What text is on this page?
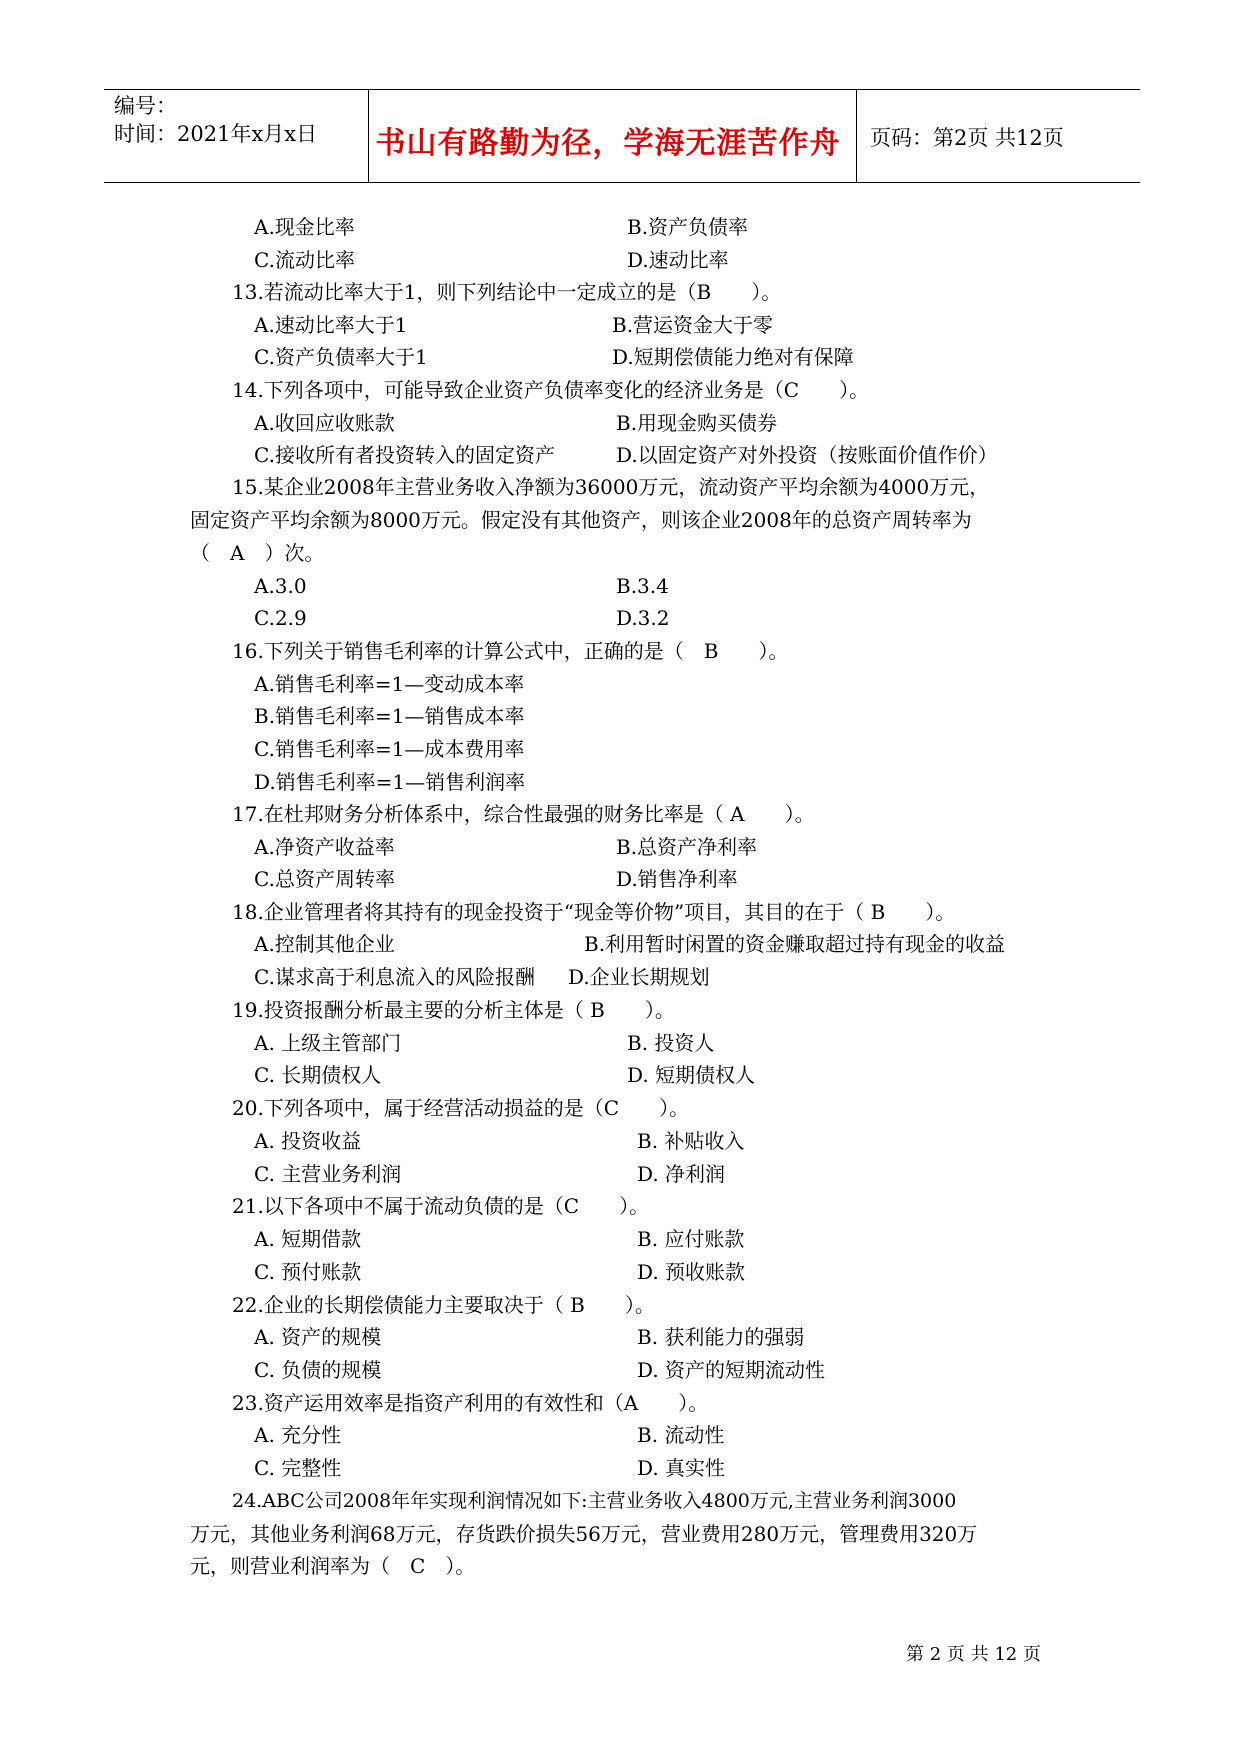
编号：
时间：2021年x月x日	书山有路勤为径，学海无涯苦作舟	页码：第2页 共12页
A.现金比率	B.资产负债率
C.流动比率	D.速动比率
13.若流动比率大于1，则下列结论中一定成立的是（B　　）。
A.速动比率大于1	B.营运资金大于零
C.资产负债率大于1	D.短期偿债能力绝对有保障
14.下列各项中，可能导致企业资产负债率变化的经济业务是（C　　）。
A.收回应收账款	B.用现金购买债券
C.接收所有者投资转入的固定资产	D.以固定资产对外投资（按账面价值作价）
15.某企业2008年主营业务收入净额为36000万元，流动资产平均余额为4000万元，
固定资产平均余额为8000万元。假定没有其他资产，则该企业2008年的总资产周转率为
（　A　）次。
A.3.0	B.3.4
C.2.9	D.3.2
16.下列关于销售毛利率的计算公式中，正确的是（　B　　）。
A.销售毛利率=1—变动成本率
B.销售毛利率=1—销售成本率
C.销售毛利率=1—成本费用率
D.销售毛利率=1—销售利润率
17.在杜邦财务分析体系中，综合性最强的财务比率是（ A　　）。
A.净资产收益率	B.总资产净利率
C.总资产周转率	D.销售净利率
18.企业管理者将其持有的现金投资于“现金等价物”项目，其目的在于（ B　　）。
A.控制其他企业	B.利用暂时闲置的资金赚取超过持有现金的收益
C.谋求高于利息流入的风险报酬 D.企业长期规划
19.投资报酬分析最主要的分析主体是（ B　　）。
A. 上级主管部门	B. 投资人
C. 长期债权人	D. 短期债权人
20.下列各项中，属于经营活动损益的是（C　　）。
A. 投资收益	B. 补贴收入
C. 主营业务利润	D. 净利润
21.以下各项中不属于流动负债的是（C　　）。
A. 短期借款	B. 应付账款
C. 预付账款	D. 预收账款
22.企业的长期偿债能力主要取决于（ B　　）。
A. 资产的规模	B. 获利能力的强弱
C. 负债的规模	D. 资产的短期流动性
23.资产运用效率是指资产利用的有效性和（A　　）。
A. 充分性	B. 流动性
C. 完整性	D. 真实性
24.ABC公司2008年年实现利润情况如下:主营业务收入4800万元,主营业务利润3000
万元，其他业务利润68万元，存货跌价损失56万元，营业费用280万元，管理费用320万
元，则营业利润率为（　C　）。
第 2 页 共 12 页
